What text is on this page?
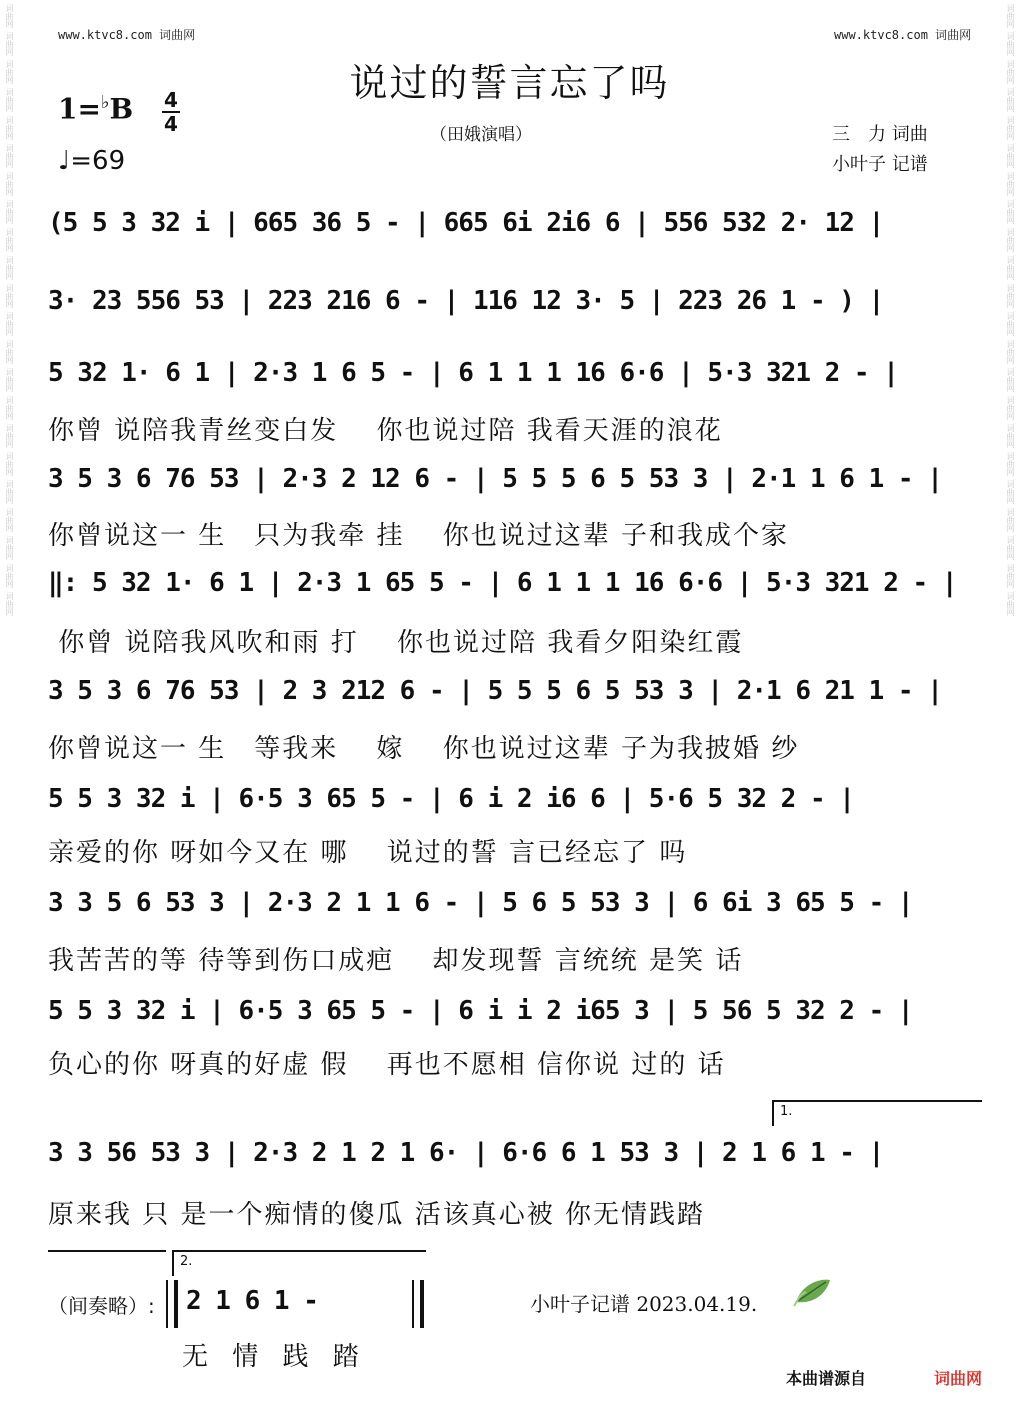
词曲网
词曲网
词曲网
词曲网
词曲网
词曲网
词曲网
词曲网
词曲网
词曲网
词曲网
词曲网
词曲网
词曲网
词曲网
词曲网
词曲网
词曲网
词曲网
词曲网
词曲网
词曲网
词曲网
词曲网
词曲网
词曲网
词曲网
词曲网
词曲网
词曲网
词曲网
词曲网
词曲网
词曲网
词曲网
词曲网
词曲网
词曲网
词曲网
词曲网
词曲网
词曲网
词曲网
词曲网
www.ktvc8.com 词曲网	www.ktvc8.com 词曲网
说过的誓言忘了吗
1=♭B 4
4
♩=69
（田娥演唱）	三　力 词曲
小叶子 记谱
(5 5 3 32 i | 665 36 5 - | 665 6i 2i6 6 | 556 532 2· 12 |
3· 23 556 53 | 223 216 6 - | 116 12 3· 5 | 223 26 1 - ) |
5 32 1· 6 1 | 2·3 1 6 5 - | 6 1 1 1 16 6·6 | 5·3 321 2 - |
你曾 说陪我青丝变白发　 你也说过陪 我看天涯的浪花
3 5 3 6 76 53 | 2·3 2 12 6 - | 5 5 5 6 5 53 3 | 2·1 1 6 1 - |
你曾说这一 生　只为我牵 挂　 你也说过这辈 子和我成个家
‖: 5 32 1· 6 1 | 2·3 1 65 5 - | 6 1 1 1 16 6·6 | 5·3 321 2 - |
你曾 说陪我风吹和雨 打　 你也说过陪 我看夕阳染红霞
3 5 3 6 76 53 | 2 3 212 6 - | 5 5 5 6 5 53 3 | 2·1 6 21 1 - |
你曾说这一 生　等我来　 嫁　 你也说过这辈 子为我披婚 纱
5 5 3 32 i | 6·5 3 65 5 - | 6 i 2 i6 6 | 5·6 5 32 2 - |
亲爱的你 呀如今又在 哪　 说过的誓 言已经忘了 吗
3 3 5 6 53 3 | 2·3 2 1 1 6 - | 5 6 5 53 3 | 6 6i 3 65 5 - |
我苦苦的等 待等到伤口成疤　 却发现誓 言统统 是笑 话
5 5 3 32 i | 6·5 3 65 5 - | 6 i i 2 i65 3 | 5 56 5 32 2 - |
负心的你 呀真的好虚 假　 再也不愿相 信你说 过的 话
1.
3 3 56 53 3 | 2·3 2 1 2 1 6· | 6·6 6 1 53 3 | 2 1 6 1 - |
原来我 只 是一个痴情的傻瓜 活该真心被 你无情践踏
（间奏略）:
2.
2 1 6 1 -
无 情 践 踏
小叶子记谱 2023.04.19.
本曲谱源自	词曲网
